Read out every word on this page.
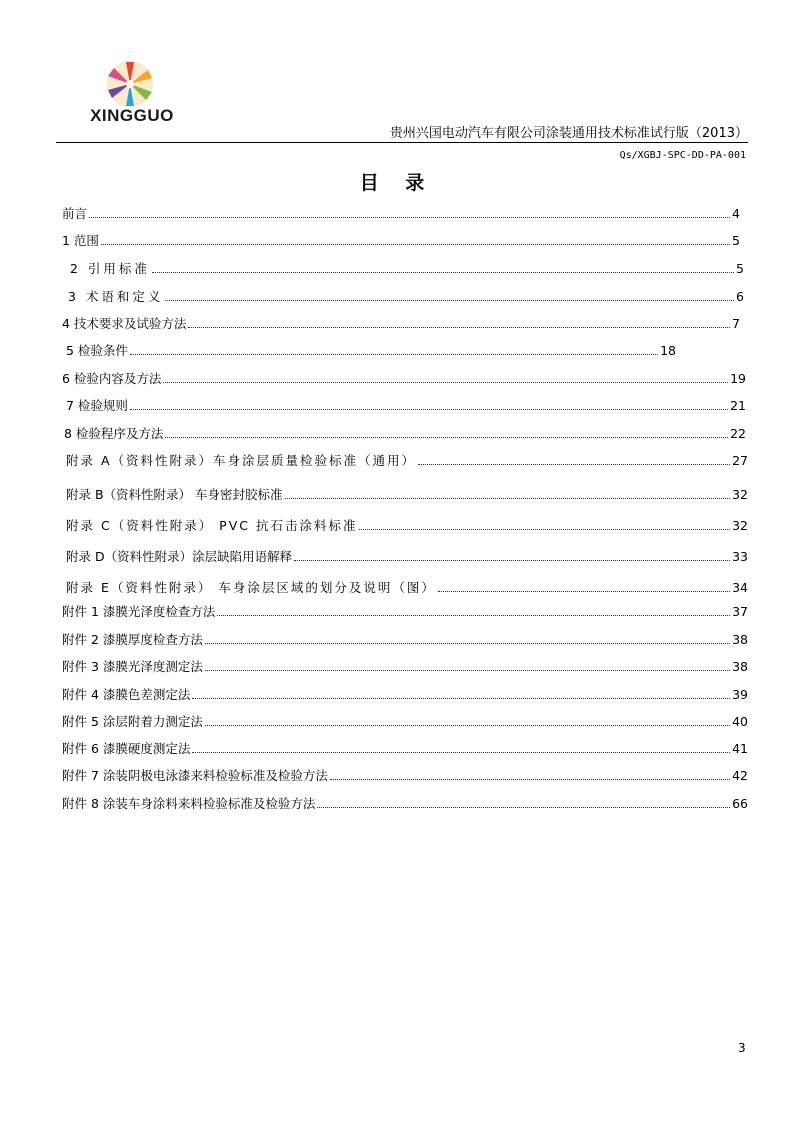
XINGGUO
贵州兴国电动汽车有限公司涂装通用技术标准试行版（2013）
Qs/XGBJ-SPC-DD-PA-001
目 录
前言	4
1 范围	5
2 引用标准	5
3 术语和定义	6
4 技术要求及试验方法	7
5 检验条件	18
6 检验内容及方法	19
7 检验规则	21
8 检验程序及方法	22
附录 A（资料性附录）车身涂层质量检验标准（通用）	27
附录 B（资料性附录） 车身密封胶标准	32
附录 C（资料性附录） PVC 抗石击涂料标准	32
附录 D（资料性附录）涂层缺陷用语解释	33
附录 E（资料性附录） 车身涂层区域的划分及说明（图）	34
附件 1 漆膜光泽度检查方法	37
附件 2 漆膜厚度检查方法	38
附件 3 漆膜光泽度测定法	38
附件 4 漆膜色差测定法	39
附件 5 涂层附着力测定法	40
附件 6 漆膜硬度测定法	41
附件 7 涂装阴极电泳漆来料检验标准及检验方法	42
附件 8 涂装车身涂料来料检验标准及检验方法	66
3
